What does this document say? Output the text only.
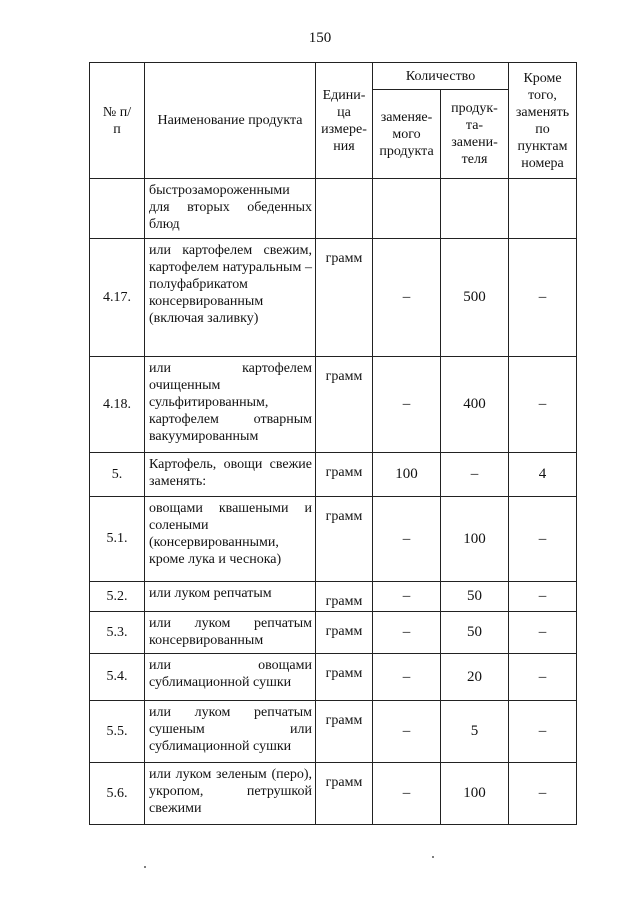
150
№ п/п	Наименование продукта	Едини-ца измере-ния	Количество		Кроме того, заменять по пунктам номера
			заменяе-мого продукта	продук-та-замени-теля	
	быстрозамороженными для вторых обеденных блюд				
4.17.	или картофелем свежим, картофелем натуральным – полуфабрикатом консервированным (включая заливку)	грамм	–	500	–
4.18.	или картофелем очищенным сульфитированным, картофелем отварным вакуумированным	грамм	–	400	–
5.	Картофель, овощи свежие заменять:	грамм	100	–	4
5.1.	овощами квашеными и солеными (консервированными, кроме лука и чеснока)	грамм	–	100	–
5.2.	или луком репчатым	грамм	–	50	–
5.3.	или луком репчатым консервированным	грамм	–	50	–
5.4.	или овощами сублимационной сушки	грамм	–	20	–
5.5.	или луком репчатым сушеным или сублимационной сушки	грамм	–	5	–
5.6.	или луком зеленым (перо), укропом, петрушкой свежими	грамм	–	100	–
